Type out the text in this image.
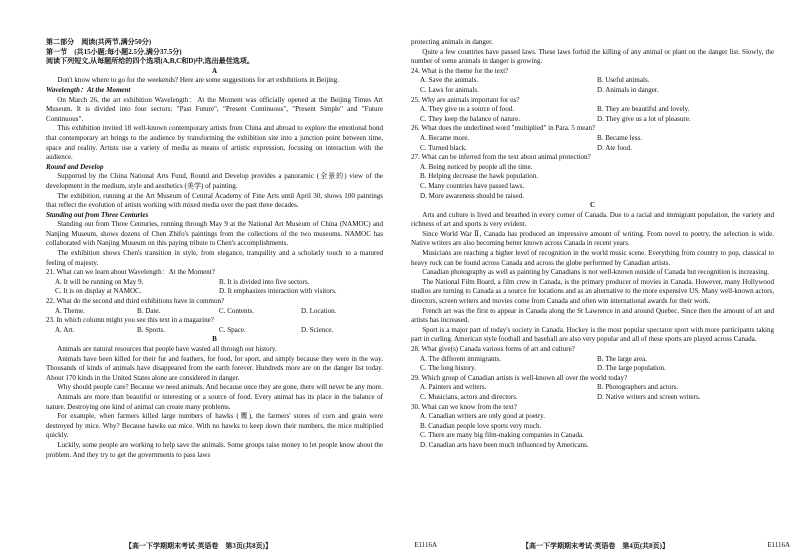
第二部分　阅读(共两节,满分50分)

第一节　(共15小题;每小题2.5分,满分37.5分)

阅读下列短文,从每题所给的四个选项(A,B,C和D)中,选出最佳选项。

A

Don't know where to go for the weekends? Here are some suggestions for art exhibitions in Beijing.

Wavelength：At the Moment

On March 26, the art exhibition Wavelength：At the Moment was officially opened at the Beijing Times Art Museum. It is divided into four sectors: "Past Future", "Present Continuous", "Present Simple" and "Future Continuous".

This exhibition invited 18 well-known contemporary artists from China and abroad to explore the emotional bond that contemporary art brings to the audience by transforming the exhibition site into a junction point between time, space and reality. Artists use a variety of media as means of artistic expression, focusing on interaction with the audience.

Round and Develop

Supported by the China National Arts Fund, Round and Develop provides a panoramic (全景的) view of the development in the medium, style and aesthetics (美学) of painting.

The exhibition, running at the Art Museum of Central Academy of Fine Arts until April 30, shows 100 paintings that reflect the evolution of artists working with mixed media over the past three decades.

Standing out from Three Centuries

Standing out from Three Centuries, running through May 9 at the National Art Museum of China (NAMOC) and Nanjing Museum, shows dozens of Chen Zhifo's paintings from the collections of the two museums. NAMOC has collaborated with Nanjing Museum on this paying tribute to Chen's accomplishments.

The exhibition shows Chen's transition in style, from elegance, tranquility and a scholarly touch to a matured feeling of majesty.

21. What can we learn about Wavelength：At the Moment?

A. It will be running on May 9.	B. It is divided into five sectors.
C. It is on display at NAMOC.	D. It emphasizes interaction with visitors.

22. What do the second and third exhibitions have in common?

A. Theme.	B. Date.	C. Contents.	D. Location.

23. In which column might you see this text in a magazine?

A. Art.	B. Sports.	C. Space.	D. Science.

B

Animals are natural resources that people have wasted all through our history.

Animals have been killed for their fur and feathers, for food, for sport, and simply because they were in the way. Thousands of kinds of animals have disappeared from the earth forever. Hundreds more are on the danger list today. About 170 kinds in the United States alone are considered in danger.

Why should people care? Because we need animals. And because once they are gone, there will never be any more.

Animals are more than beautiful or interesting or a source of food. Every animal has its place in the balance of nature. Destroying one kind of animal can create many problems.

For example, when farmers killed large numbers of hawks (鹰), the farmers' stores of corn and grain were destroyed by mice. Why? Because hawks eat mice. With no hawks to keep down their numbers, the mice multiplied quickly.

Luckily, some people are working to help save the animals. Some groups raise money to let people know about the problem. And they try to get the governments to pass laws

【高一下学期期末考试·英语卷　第3页(共8页)】	E1116A

protecting animals in danger.

Quite a few countries have passed laws. These laws forbid the killing of any animal or plant on the danger list. Slowly, the number of some animals in danger is growing.

24. What is the theme for the text?

A. Save the animals.	B. Useful animals.
C. Laws for animals.	D. Animals in danger.

25. Why are animals important for us?

A. They give us a source of food.	B. They are beautiful and lovely.
C. They keep the balance of nature.	D. They give us a lot of pleasure.

26. What does the underlined word "multiplied" in Para. 5 mean?

A. Became more.	B. Became less.
C. Turned black.	D. Ate food.

27. What can be inferred from the text about animal protection?

A. Being noticed by people all the time.
B. Helping decrease the hawk population.
C. Many countries have passed laws.
D. More awareness should be raised.

C

Arts and culture is lived and breathed in every corner of Canada. Due to a racial and immigrant population, the variety and richness of art and sports is very evident.

Since World War Ⅱ, Canada has produced an impressive amount of writing. From novel to poetry, the selection is wide. Native writers are also becoming better known across Canada in recent years.

Musicians are reaching a higher level of recognition in the world music scene. Everything from country to pop, classical to heavy rock can be found across Canada and across the globe performed by Canadian artists.

Canadian photography as well as painting by Canadians is not well-known outside of Canada but recognition is increasing.

The National Film Board, a film crew in Canada, is the primary producer of movies in Canada. However, many Hollywood studios are turning to Canada as a source for locations and as an alternative to the more expensive US. Many well-known actors, directors, screen writers and movies come from Canada and often win international awards for their work.

French art was the first to appear in Canada along the St Lawrence in and around Quebec. Since then the amount of art and artists has increased.

Sport is a major part of today's society in Canada. Hockey is the most popular spectator sport with more participants taking part in curling. American style football and baseball are also very popular and all of these sports are played across Canada.

28. What give(s) Canada various forms of art and culture?

A. The different immigrants.	B. The large area.
C. The long history.	D. The large population.

29. Which group of Canadian artists is well-known all over the world today?

A. Painters and writers.	B. Photographers and actors.
C. Musicians, actors and directors.	D. Native writers and screen writers.

30. What can we know from the text?

A. Canadian writers are only good at poetry.
B. Canadian people love sports very much.
C. There are many big film-making companies in Canada.
D. Canadian arts have been much influenced by Americans.
【高一下学期期末考试·英语卷　第4页(共8页)】	E1116A
